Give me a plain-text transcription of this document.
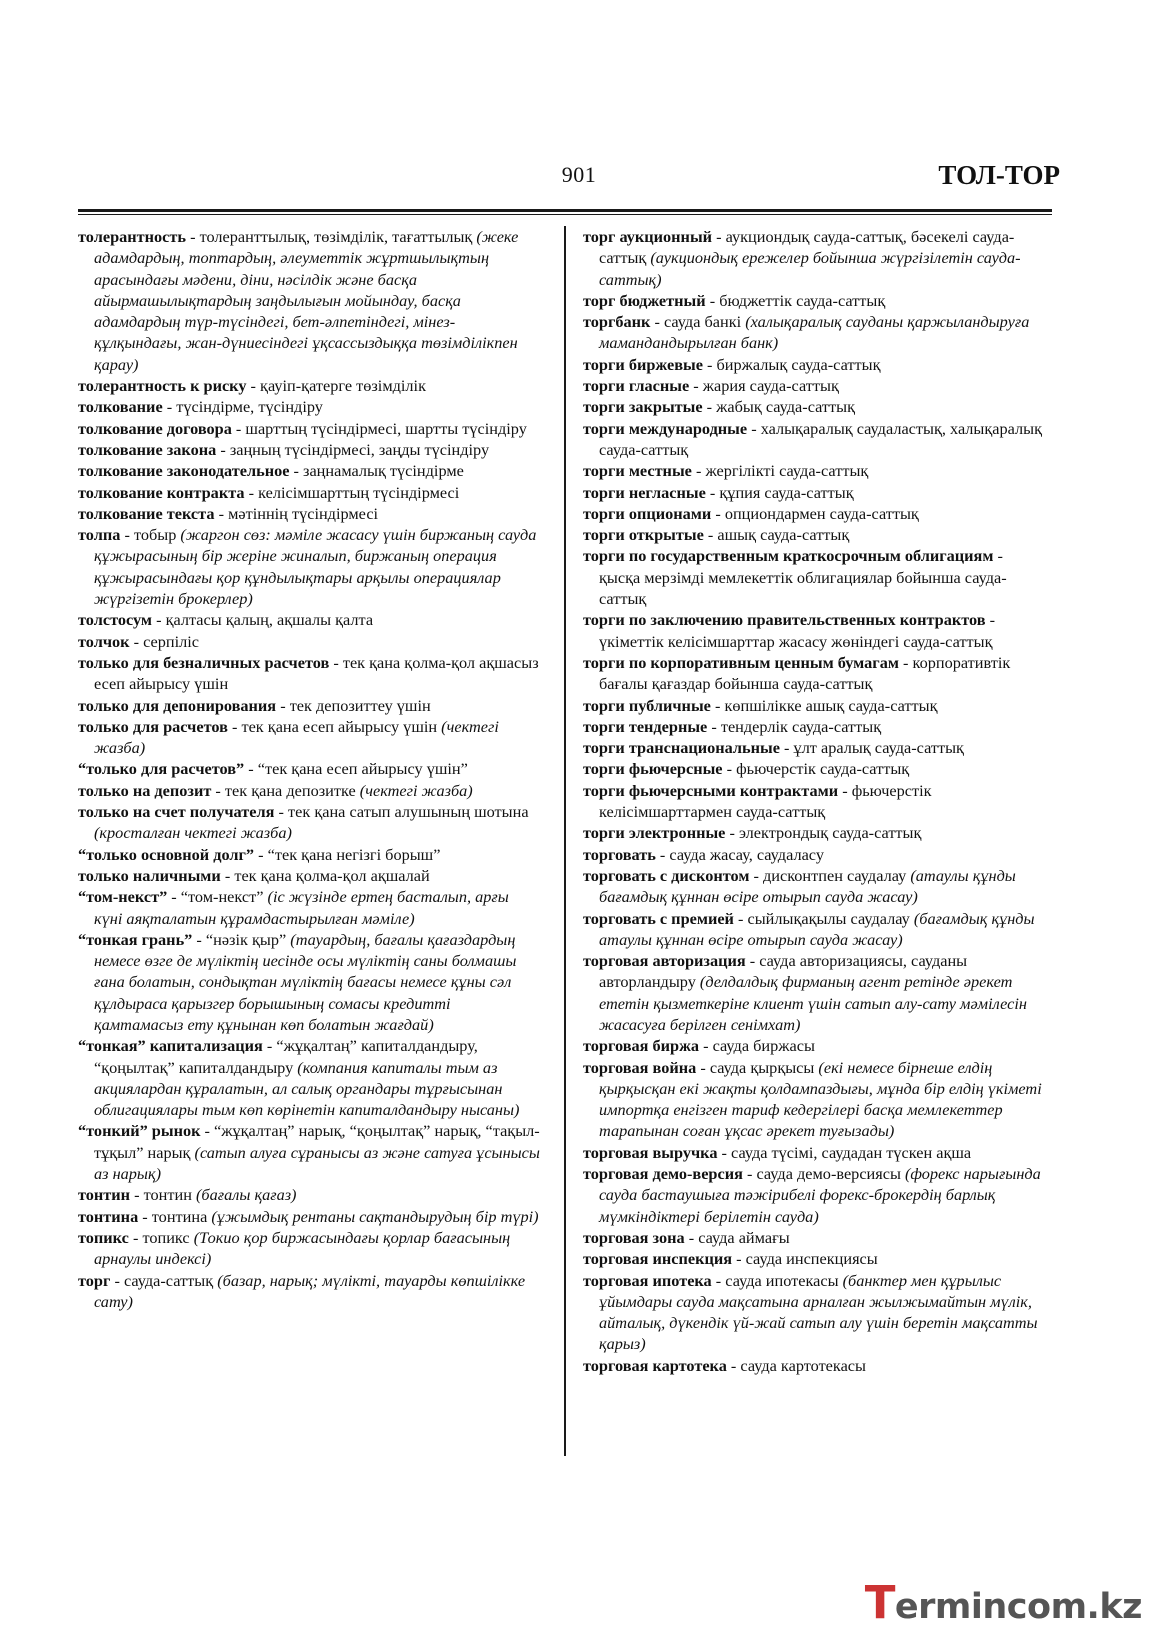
901	ТОЛ-ТОР

толерантность - толеранттылық, төзімділік, тағаттылық (жеке адамдардың, топтардың, әлеуметтік жұртшылықтың арасындағы мәдени, діни, нәсілдік және басқа айырмашылықтардың заңдылығын мойындау, басқа адамдардың түр-түсіндегі, бет-әлпетіндегі, мінез-құлқындағы, жан-дүниесіндегі ұқсассыздыққа төзімділікпен қарау)

толерантность к риску - қауіп-қатерге төзімділік

толкование - түсіндірме, түсіндіру

толкование договора - шарттың түсіндірмесі, шартты түсіндіру

толкование закона - заңның түсіндірмесі, заңды түсіндіру

толкование законодательное - заңнамалық түсіндірме

толкование контракта - келісімшарттың түсіндірмесі

толкование текста - мәтіннің түсіндірмесі

толпа - тобыр (жаргон сөз: мәміле жасасу үшін биржаның сауда құжырасының бір жеріне жиналып, биржаның операция құжырасындағы қор құндылықтары арқылы операциялар жүргізетін брокерлер)

толстосум - қалтасы қалың, ақшалы қалта

толчок - серпіліс

только для безналичных расчетов - тек қана қолма-қол ақшасыз есеп айырысу үшін

только для депонирования - тек депозиттеу үшін

только для расчетов - тек қана есеп айырысу үшін (чектегі жазба)

“только для расчетов” - “тек қана есеп айырысу үшін”

только на депозит - тек қана депозитке (чектегі жазба)

только на счет получателя - тек қана сатып алушының шотына (кросталған чектегі жазба)

“только основной долг” - “тек қана негізгі борыш”

только наличными - тек қана қолма-қол ақшалай

“том-некст” - “том-некст” (іс жүзінде ертең басталып, арғы күні аяқталатын құрамдастырылған мәміле)

“тонкая грань” - “нәзік қыр” (тауардың, бағалы қағаздардың немесе өзге де мүліктің иесінде осы мүліктің саны болмашы ғана болатын, сондықтан мүліктің бағасы немесе құны сәл құлдыраса қарызгер борышының сомасы кредитті қамтамасыз ету құнынан көп болатын жағдай)

“тонкая” капитализация - “жұқалтаң” капиталдандыру, “қоңылтақ” капиталдандыру (компания капиталы тым аз акциялардан құралатын, ал салық органдары тұрғысынан облигациялары тым көп көрінетін капиталдандыру нысаны)

“тонкий” рынок - “жұқалтаң” нарық, “қоңылтақ” нарық, “тақыл-тұқыл” нарық (сатып алуға сұранысы аз және сатуға ұсынысы аз нарық)

тонтин - тонтин (бағалы қағаз)

тонтина - тонтина (ұжымдық рентаны сақтандырудың бір түрі)

топикс - топикс (Токио қор биржасындағы қорлар бағасының арнаулы индексі)

торг - сауда-саттық (базар, нарық; мүлікті, тауарды көпшілікке сату)

торг аукционный - аукциондық сауда-саттық, бәсекелі сауда-саттық (аукциондық ережелер бойынша жүргізілетін сауда-саттық)

торг бюджетный - бюджеттік сауда-саттық

торгбанк - сауда банкі (халықаралық сауданы қаржыландыруға мамандандырылған банк)

торги биржевые - биржалық сауда-саттық

торги гласные - жария сауда-саттық

торги закрытые - жабық сауда-саттық

торги международные - халықаралық саудаластық, халықаралық сауда-саттық

торги местные - жергілікті сауда-саттық

торги негласные - құпия сауда-саттық

торги опционами - опциондармен сауда-саттық

торги открытые - ашық сауда-саттық

торги по государственным краткосрочным облигациям - қысқа мерзімді мемлекеттік облигациялар бойынша сауда-саттық

торги по заключению правительственных контрактов - үкіметтік келісімшарттар жасасу жөніндегі сауда-саттық

торги по корпоративным ценным бумагам - корпоративтік бағалы қағаздар бойынша сауда-саттық

торги публичные - көпшілікке ашық сауда-саттық

торги тендерные - тендерлік сауда-саттық

торги транснациональные - ұлт аралық сауда-саттық

торги фьючерсные - фьючерстік сауда-саттық

торги фьючерсными контрактами - фьючерстік келісімшарттармен сауда-саттық

торги электронные - электрондық сауда-саттық

торговать - сауда жасау, саудаласу

торговать с дисконтом - дисконтпен саудалау (атаулы құнды бағамдық құннан өсіре отырып сауда жасау)

торговать с премией - сыйлықақылы саудалау (бағамдық құнды атаулы құннан өсіре отырып сауда жасау)

торговая авторизация - сауда авторизациясы, сауданы авторландыру (делдалдық фирманың агент ретінде әрекет ететін қызметкеріне клиент үшін сатып алу-сату мәмілесін жасасуға берілген сенімхат)

торговая биржа - сауда биржасы

торговая война - сауда қырқысы (екі немесе бірнеше елдің қырқысқан екі жақты қолдампаздығы, мұнда бір елдің үкіметі импортқа енгізген тариф кедергілері басқа мемлекеттер тарапынан соған ұқсас әрекет туғызады)

торговая выручка - сауда түсімі, саудадан түскен ақша

торговая демо-версия - сауда демо-версиясы (форекс нарығында сауда бастаушыға тәжірибелі форекс-брокердің барлық мүмкіндіктері берілетін сауда)

торговая зона - сауда аймағы

торговая инспекция - сауда инспекциясы

торговая ипотека - сауда ипотекасы (банктер мен құрылыс ұйымдары сауда мақсатына арналған жылжымайтын мүлік, айталық, дүкендік үй-жай сатып алу үшін беретін мақсатты қарыз)

торговая картотека - сауда картотекасы

Termincom.kz
